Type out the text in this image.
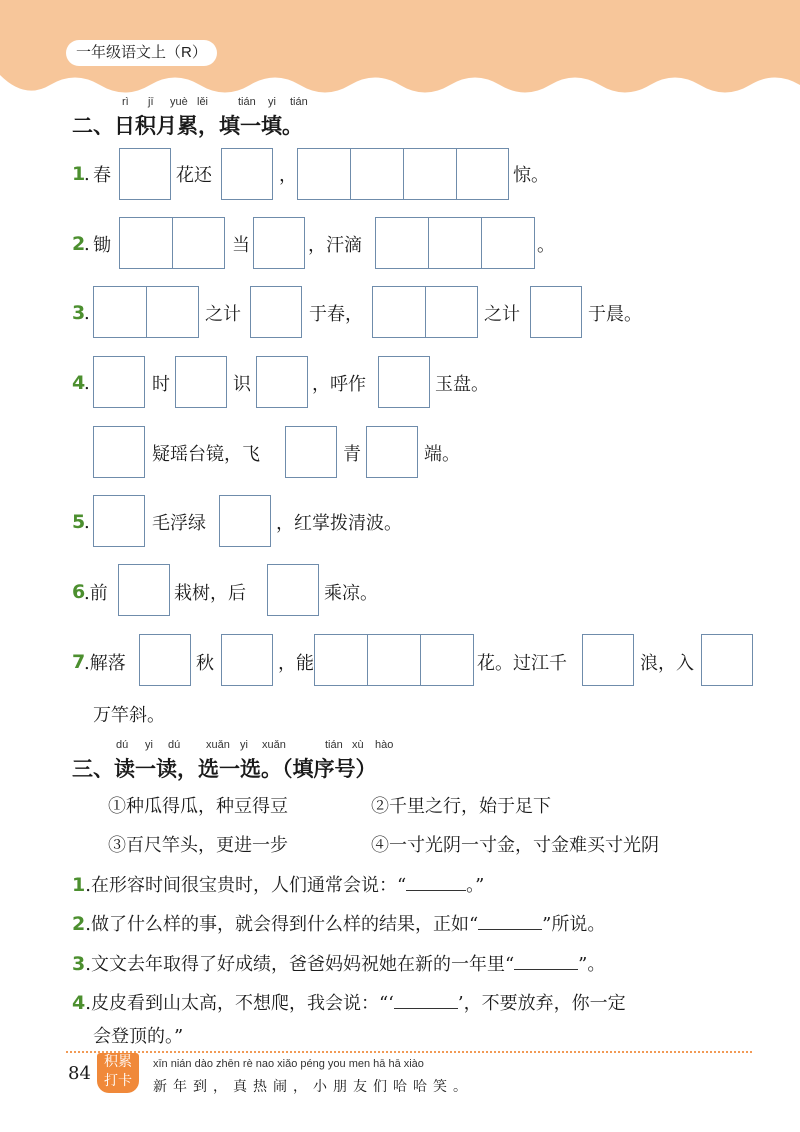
一年级语文上（R）
rì jī yuè lěi	tián yi tián
二、日积月累，填一填。
1
. 春	花还	，	惊。
2
. 锄	当	，汗滴	。
3
.	之计	于春，	之计	于晨。
4
.	时	识	，呼作	玉盘。
疑瑶台镜，飞	青	端。
5
.	毛浮绿	，红掌拨清波。
6
.前	栽树，后	乘凉。
7
.解落	秋	，能	花。过江千	浪，入
万竿斜。
dú yi dú xuǎn yi xuǎn	tián xù hào
三、读一读，选一选。（填序号）
①种瓜得瓜，种豆得豆	②千里之行，始于足下
③百尺竿头，更进一步	④一寸光阴一寸金，寸金难买寸光阴
1.在形容时间很宝贵时，人们通常会说：“	。”
2.做了什么样的事，就会得到什么样的结果，正如“	”所说。
3.文文去年取得了好成绩，爸爸妈妈祝她在新的一年里“	”。
4.皮皮看到山太高，不想爬，我会说：“‘	’，不要放弃，你一定
会登顶的。”
84
积累
打卡
xīn nián dào zhēn rè nao xiǎo péng you men hā hā xiào
新年到，真热闹，小朋友们哈哈笑。
